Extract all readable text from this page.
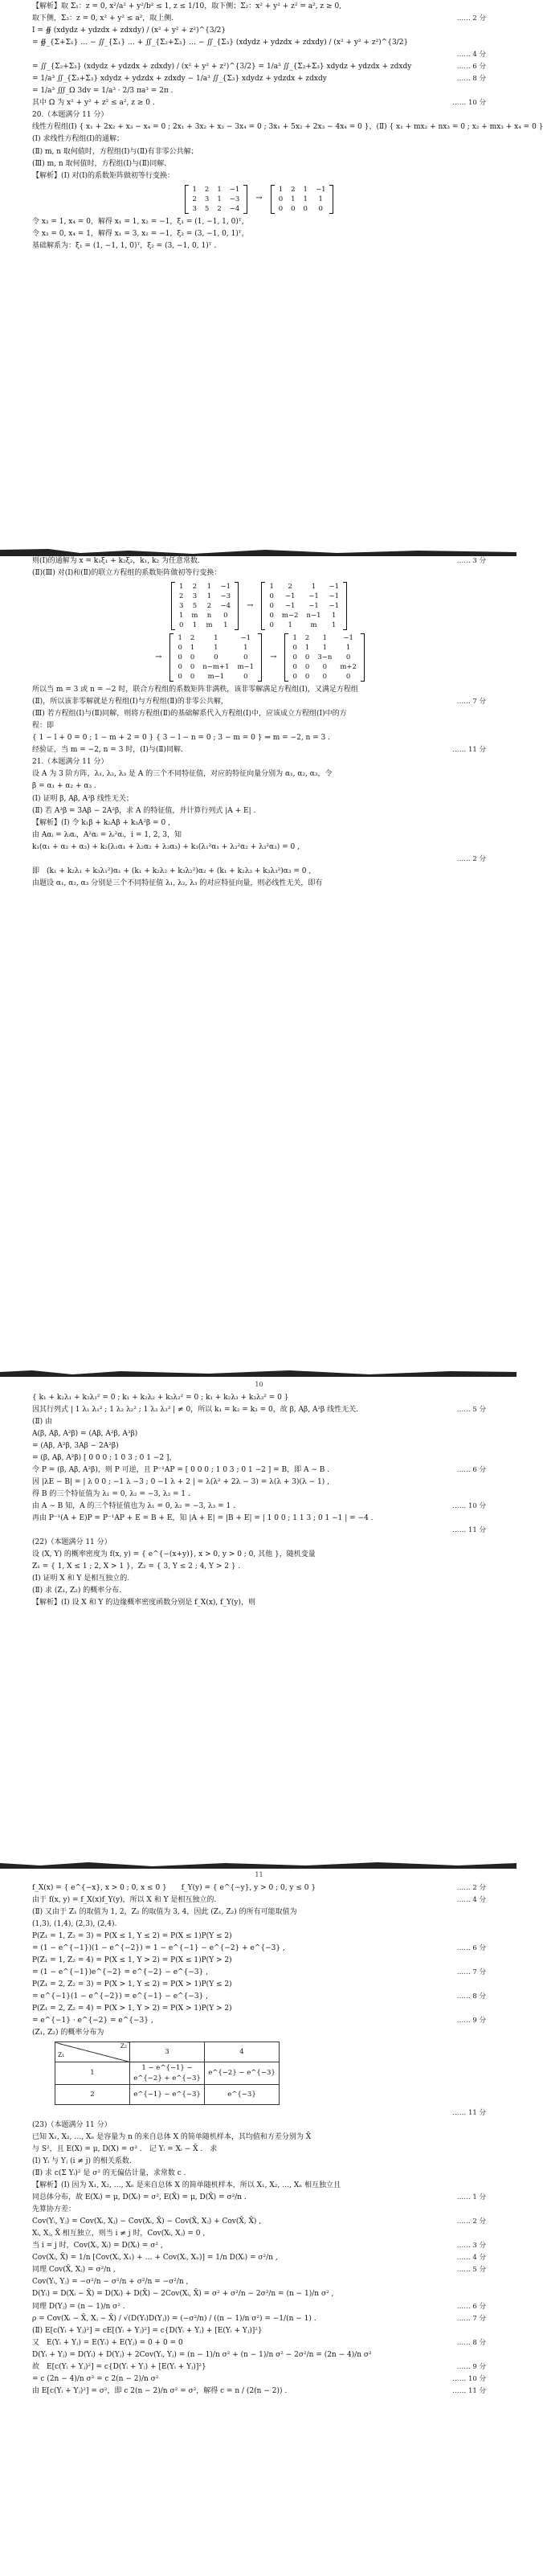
【解析】取 Σ₁：z = 0, x²/a² + y²/b² ≤ 1, z ≤ 1/10，取下侧；Σ₂：x² + y² + z² = a², z ≥ 0,
取下侧，Σ₃：z = 0, x² + y² ≤ a²，取上侧.	…… 2 分
I = ∯ (xdydz + ydzdx + zdxdy) / (x² + y² + z²)^{3/2}
= ∯_{Σ+Σ₁} … − ∬_{Σ₁} … + ∬_{Σ₂+Σ₃} … − ∬_{Σ₃} (xdydz + ydzdx + zdxdy) / (x² + y² + z²)^{3/2}
…… 4 分
= ∬_{Σ₂+Σ₃} (xdydz + ydzdx + zdxdy) / (x² + y² + z²)^{3/2} = 1/a³ ∬_{Σ₂+Σ₃} xdydz + ydzdx + zdxdy	…… 6 分
= 1/a³ ∬_{Σ₂+Σ₃} xdydz + ydzdx + zdxdy − 1/a³ ∬_{Σ₃} xdydz + ydzdx + zdxdy	…… 8 分
= 1/a³ ∭_Ω 3dv = 1/a³ · 2/3 πa³ = 2π .
其中 Ω 为 x² + y² + z² ≤ a², z ≥ 0 .	…… 10 分
20.（本题满分 11 分）
线性方程组(Ⅰ) { x₁ + 2x₂ + x₃ − x₄ = 0 ; 2x₁ + 3x₂ + x₃ − 3x₄ = 0 ; 3x₁ + 5x₂ + 2x₃ − 4x₄ = 0 }，(Ⅱ) { x₁ + mx₂ + nx₃ = 0 ; x₂ + mx₃ + x₄ = 0 }
(Ⅰ) 求线性方程组(Ⅰ)的通解；
(Ⅱ) m, n 取何值时，方程组(Ⅰ)与(Ⅱ)有非零公共解；
(Ⅲ) m, n 取何值时，方程组(Ⅰ)与(Ⅱ)同解.
【解析】(Ⅰ) 对(Ⅰ)的系数矩阵做初等行变换：
1	2	1	−1
2	3	1	−3
3	5	2	−4
→
1	2	1	−1
0	1	1	1
0	0	0	0
令 x₃ = 1, x₄ = 0，解得 x₁ = 1, x₂ = −1，ξ₁ = (1, −1, 1, 0)ᵀ，
令 x₃ = 0, x₄ = 1，解得 x₁ = 3, x₂ = −1，ξ₂ = (3, −1, 0, 1)ᵀ，
基础解系为：ξ₁ = (1, −1, 1, 0)ᵀ，ξ₂ = (3, −1, 0, 1)ᵀ .
则(Ⅰ)的通解为 x = k₁ξ₁ + k₂ξ₂，k₁, k₂ 为任意常数.	…… 3 分
(Ⅱ)(Ⅲ) 对(Ⅰ)和(Ⅱ)的联立方程组的系数矩阵做初等行变换：
1	2	1	−1
2	3	1	−3
3	5	2	−4
1	m	n	0
0	1	m	1
→
1	2	1	−1
0	−1	−1	−1
0	−1	−1	−1
0	m−2	n−1	1
0	1	m	1
→
1	2	1	−1
0	1	1	1
0	0	0	0
0	0	n−m+1	m−1
0	0	m−1	0
→
1	2	1	−1
0	1	1	1
0	0	3−n	0
0	0	0	m+2
0	0	0	0
所以当 m = 3 或 n = −2 时，联合方程组的系数矩阵非满秩，该非零解满足方程组(Ⅰ)，又满足方程组
(Ⅱ)，所以该非零解就是方程组(Ⅰ)与方程组(Ⅱ)的非零公共解，	…… 7 分
(Ⅲ) 若方程组(Ⅰ)与(Ⅱ)同解，则将方程组(Ⅱ)的基础解系代入方程组(Ⅰ)中，应该成立方程组(Ⅰ)中的方
程：即
{ 1 − l + 0 = 0 ; 1 − m + 2 = 0 } { 3 − l − n = 0 ; 3 − m = 0 } ⇒ m = −2, n = 3 .
经验证，当 m = −2, n = 3 时，(Ⅰ)与(Ⅱ)同解.	…… 11 分
21.（本题满分 11 分）
设 A 为 3 阶方阵，λ₁, λ₂, λ₃ 是 A 的三个不同特征值，对应的特征向量分别为 α₁, α₂, α₃，令
β = α₁ + α₂ + α₃ .
(Ⅰ) 证明 β, Aβ, A²β 线性无关；
(Ⅱ) 若 A³β = 3Aβ − 2A²β，求 A 的特征值，并计算行列式 |A + E| .
【解析】(Ⅰ) 令 k₁β + k₂Aβ + k₃A²β = 0 ,
由 Aαᵢ = λᵢαᵢ，A²αᵢ = λᵢ²αᵢ，i = 1, 2, 3，知
k₁(α₁ + α₂ + α₃) + k₂(λ₁α₁ + λ₂α₂ + λ₃α₃) + k₃(λ₁²α₁ + λ₂²α₂ + λ₃²α₃) = 0 ,
…… 2 分
即　(k₁ + k₂λ₁ + k₃λ₁²)α₁ + (k₁ + k₂λ₂ + k₃λ₂²)α₂ + (k₁ + k₂λ₃ + k₃λ₃²)α₃ = 0 ,
由题设 α₁, α₂, α₃ 分别是三个不同特征值 λ₁, λ₂, λ₃ 的对应特征向量，则必线性无关，即有
10
{ k₁ + k₂λ₁ + k₃λ₁² = 0 ; k₁ + k₂λ₂ + k₃λ₂² = 0 ; k₁ + k₂λ₃ + k₃λ₃² = 0 }
因其行列式 | 1 λ₁ λ₁² ; 1 λ₂ λ₂² ; 1 λ₃ λ₃² | ≠ 0，所以 k₁ = k₂ = k₃ = 0，故 β, Aβ, A²β 线性无关.	…… 5 分
(Ⅱ) 由
A(β, Aβ, A²β) = (Aβ, A²β, A³β)
= (Aβ, A²β, 3Aβ − 2A²β)
= (β, Aβ, A²β) [ 0 0 0 ; 1 0 3 ; 0 1 −2 ]，
令 P = (β, Aβ, A²β)，则 P 可逆，且 P⁻¹AP = [ 0 0 0 ; 1 0 3 ; 0 1 −2 ] = B，即 A ∼ B .	…… 6 分
因 |λE − B| = | λ 0 0 ; −1 λ −3 ; 0 −1 λ + 2 | = λ(λ² + 2λ − 3) = λ(λ + 3)(λ − 1) ,
得 B 的三个特征值为 λ₁ = 0, λ₂ = −3, λ₃ = 1 .
由 A ∼ B 知，A 的三个特征值也为 λ₁ = 0, λ₂ = −3, λ₃ = 1 .	…… 10 分
再由 P⁻¹(A + E)P = P⁻¹AP + E = B + E，知 |A + E| = |B + E| = | 1 0 0 ; 1 1 3 ; 0 1 −1 | = −4 .
…… 11 分
(22)（本题满分 11 分）
设 (X, Y) 的概率密度为 f(x, y) = { e^{−(x+y)}, x > 0, y > 0 ; 0, 其他 }，随机变量
Z₁ = { 1, X ≤ 1 ; 2, X > 1 }，Z₂ = { 3, Y ≤ 2 ; 4, Y > 2 } .
(Ⅰ) 证明 X 和 Y 是相互独立的.
(Ⅱ) 求 (Z₁, Z₂) 的概率分布.
【解析】(Ⅰ) 设 X 和 Y 的边缘概率密度函数分别是 f_X(x), f_Y(y)，则
11
f_X(x) = { e^{−x}, x > 0 ; 0, x ≤ 0 }　　f_Y(y) = { e^{−y}, y > 0 ; 0, y ≤ 0 }	…… 2 分
由于 f(x, y) = f_X(x)f_Y(y)，所以 X 和 Y 是相互独立的.	…… 4 分
(Ⅱ) 又由于 Z₁ 的取值为 1, 2，Z₂ 的取值为 3, 4，因此 (Z₁, Z₂) 的所有可能取值为
(1,3), (1,4), (2,3), (2,4).
P(Z₁ = 1, Z₂ = 3) = P(X ≤ 1, Y ≤ 2) = P(X ≤ 1)P(Y ≤ 2)
= (1 − e^{−1})(1 − e^{−2}) = 1 − e^{−1} − e^{−2} + e^{−3} ,	…… 6 分
P(Z₁ = 1, Z₂ = 4) = P(X ≤ 1, Y > 2) = P(X ≤ 1)P(Y > 2)
= (1 − e^{−1})e^{−2} = e^{−2} − e^{−3} ,	…… 7 分
P(Z₁ = 2, Z₂ = 3) = P(X > 1, Y ≤ 2) = P(X > 1)P(Y ≤ 2)
= e^{−1}(1 − e^{−2}) = e^{−1} − e^{−3} ,	…… 8 分
P(Z₁ = 2, Z₂ = 4) = P(X > 1, Y > 2) = P(X > 1)P(Y > 2)
= e^{−1} · e^{−2} = e^{−3} ,	…… 9 分
(Z₁, Z₂) 的概率分布为
Z₂
Z₁	3	4
1	1 − e^{−1} − e^{−2} + e^{−3}	e^{−2} − e^{−3}
2	e^{−1} − e^{−3}	e^{−3}
…… 11 分
(23)（本题满分 11 分）
已知 X₁, X₂, …, Xₙ 是容量为 n 的来自总体 X 的简单随机样本，其均值和方差分别为 X̄
与 S²，且 E(X) = μ, D(X) = σ² .　记 Yᵢ = Xᵢ − X̄ .　求
(Ⅰ) Yᵢ 与 Yⱼ (i ≠ j) 的相关系数.
(Ⅱ) 求 c(Σ Yᵢ)² 是 σ² 的无偏估计量，求常数 c .
【解析】(Ⅰ) 因为 X₁, X₂, …, Xₙ 是来自总体 X 的简单随机样本，所以 X₁, X₂, …, Xₙ 相互独立且
同总体分布，故 E(Xᵢ) = μ, D(Xᵢ) = σ², E(X̄) = μ, D(X̄) = σ²/n .	…… 1 分
先算协方差：
Cov(Yᵢ, Yⱼ) = Cov(Xᵢ, Xⱼ) − Cov(Xᵢ, X̄) − Cov(X̄, Xⱼ) + Cov(X̄, X̄) ,	…… 2 分
Xᵢ, Xⱼ, X̄ 相互独立，则当 i ≠ j 时，Cov(Xᵢ, Xⱼ) = 0 ,
当 i = j 时，Cov(Xᵢ, Xᵢ) = D(Xᵢ) = σ² ,	…… 3 分
Cov(Xᵢ, X̄) = 1/n [Cov(Xᵢ, X₁) + … + Cov(Xᵢ, Xₙ)] = 1/n D(Xᵢ) = σ²/n ,	…… 4 分
同理 Cov(X̄, Xⱼ) = σ²/n ,	…… 5 分
Cov(Yᵢ, Yⱼ) = −σ²/n − σ²/n + σ²/n = −σ²/n ,
D(Yᵢ) = D(Xᵢ − X̄) = D(Xᵢ) + D(X̄) − 2Cov(Xᵢ, X̄) = σ² + σ²/n − 2σ²/n = (n − 1)/n σ² ,
同理 D(Yⱼ) = (n − 1)/n σ² .	…… 6 分
ρ = Cov(Xᵢ − X̄, Xⱼ − X̄) / √(D(Yᵢ)D(Yⱼ)) = (−σ²/n) / ((n − 1)/n σ²) = −1/(n − 1) .	…… 7 分
(Ⅱ) E[c(Yᵢ + Yⱼ)²] = cE[(Yᵢ + Yⱼ)²] = c{D(Yᵢ + Yⱼ) + [E(Yᵢ + Yⱼ)]²}
又　E(Yᵢ + Yⱼ) = E(Yᵢ) + E(Yⱼ) = 0 + 0 = 0	…… 8 分
D(Yᵢ + Yⱼ) = D(Yᵢ) + D(Yⱼ) + 2Cov(Yᵢ, Yⱼ) = (n − 1)/n σ² + (n − 1)/n σ² − 2σ²/n = (2n − 4)/n σ²
故　E[c(Yᵢ + Yⱼ)²] = c{D(Yᵢ + Yⱼ) + [E(Yᵢ + Yⱼ)]²}	…… 9 分
= c (2n − 4)/n σ² = c 2(n − 2)/n σ²	…… 10 分
由 E[c(Yᵢ + Yⱼ)²] = σ²，即 c 2(n − 2)/n σ² = σ²，解得 c = n / (2(n − 2)) .	…… 11 分
